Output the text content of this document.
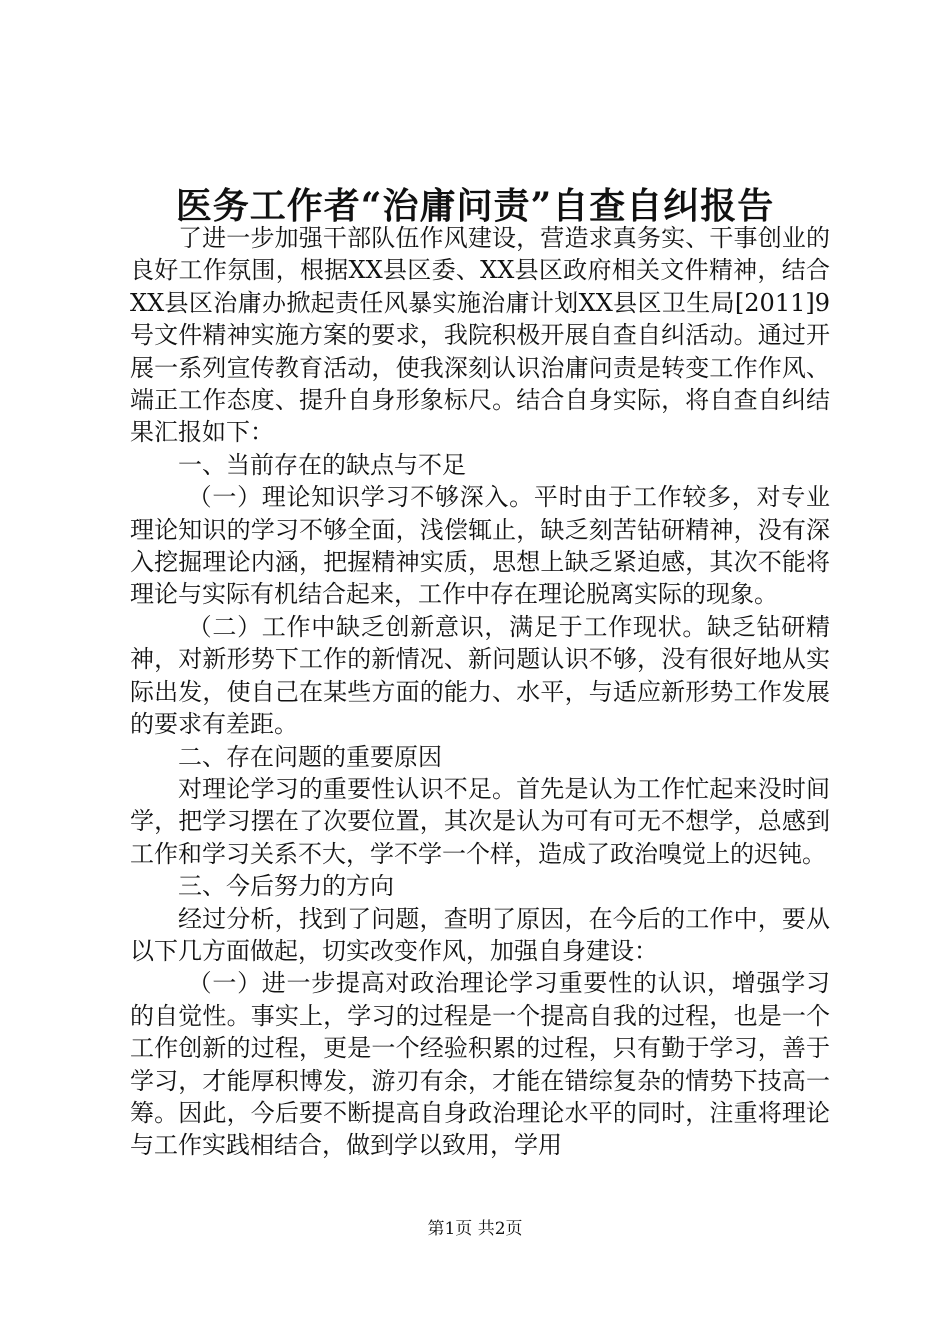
医务工作者“治庸问责”自查自纠报告

了进一步加强干部队伍作风建设，营造求真务实、干事创业的良好工作氛围，根据XX县区委、XX县区政府相关文件精神，结合XX县区治庸办掀起责任风暴实施治庸计划XX县区卫生局[2011]9号文件精神实施方案的要求，我院积极开展自查自纠活动。通过开展一系列宣传教育活动，使我深刻认识治庸问责是转变工作作风、端正工作态度、提升自身形象标尺。结合自身实际，将自查自纠结果汇报如下：

一、当前存在的缺点与不足

（一）理论知识学习不够深入。平时由于工作较多，对专业理论知识的学习不够全面，浅偿辄止，缺乏刻苦钻研精神，没有深入挖掘理论内涵，把握精神实质，思想上缺乏紧迫感，其次不能将理论与实际有机结合起来，工作中存在理论脱离实际的现象。

（二）工作中缺乏创新意识，满足于工作现状。缺乏钻研精神，对新形势下工作的新情况、新问题认识不够，没有很好地从实际出发，使自己在某些方面的能力、水平，与适应新形势工作发展的要求有差距。

二、存在问题的重要原因

对理论学习的重要性认识不足。首先是认为工作忙起来没时间学，把学习摆在了次要位置，其次是认为可有可无不想学，总感到工作和学习关系不大，学不学一个样，造成了政治嗅觉上的迟钝。

三、今后努力的方向

经过分析，找到了问题，查明了原因，在今后的工作中，要从以下几方面做起，切实改变作风，加强自身建设：

（一）进一步提高对政治理论学习重要性的认识，增强学习的自觉性。事实上，学习的过程是一个提高自我的过程，也是一个工作创新的过程，更是一个经验积累的过程，只有勤于学习，善于学习，才能厚积博发，游刃有余，才能在错综复杂的情势下技高一筹。因此，今后要不断提高自身政治理论水平的同时，注重将理论与工作实践相结合，做到学以致用，学用

第1页 共2页
